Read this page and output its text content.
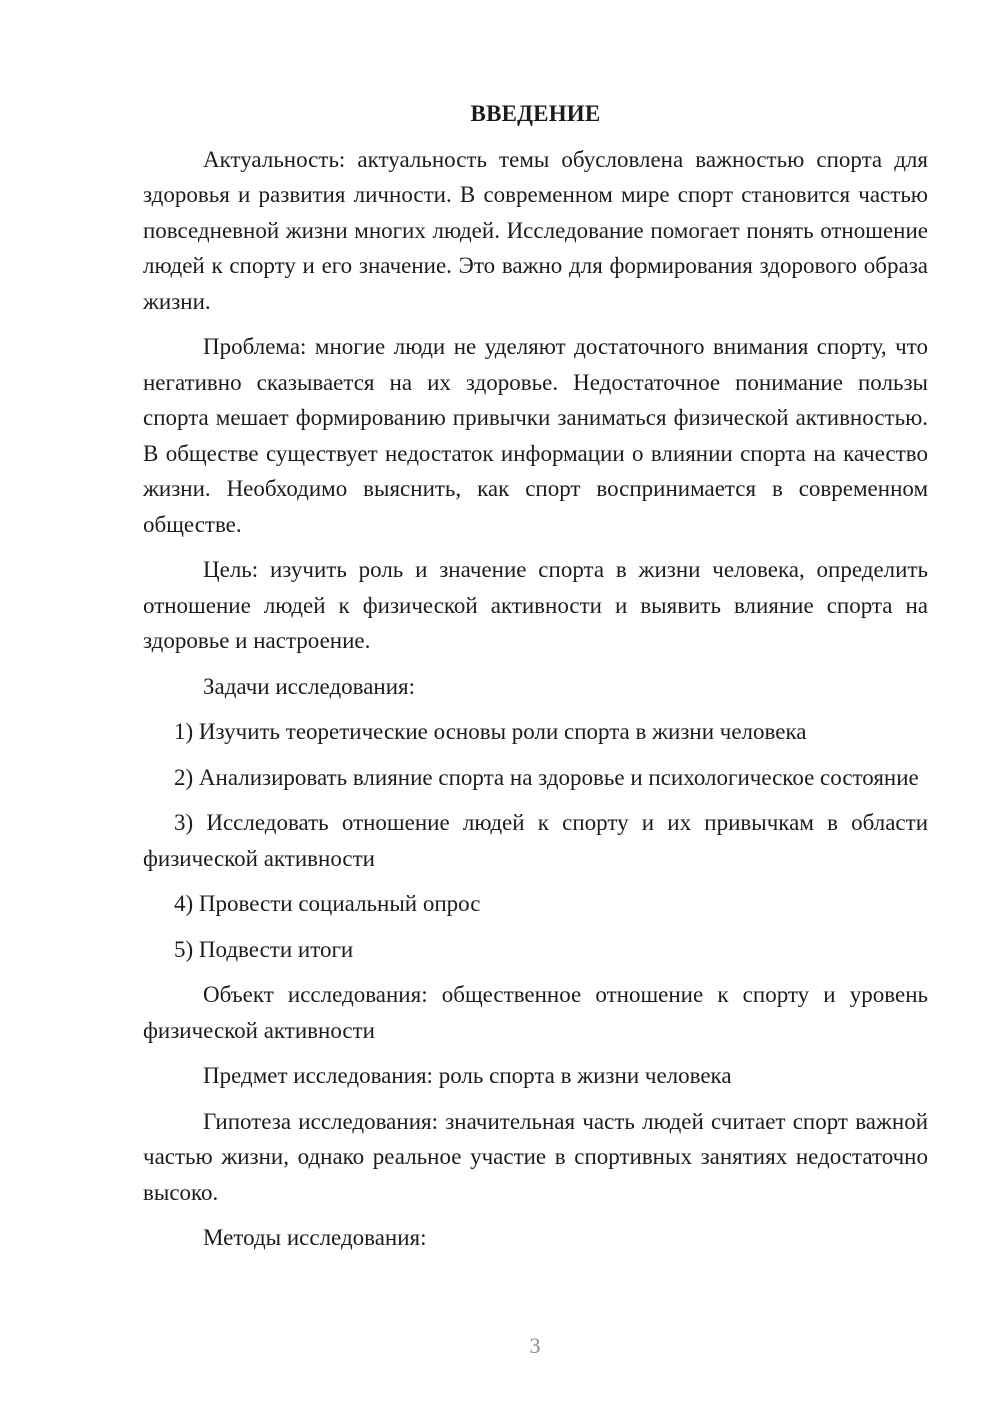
ВВЕДЕНИЕ

Актуальность: актуальность темы обусловлена важностью спорта для здоровья и развития личности. В современном мире спорт становится частью повседневной жизни многих людей. Исследование помогает понять отношение людей к спорту и его значение. Это важно для формирования здорового образа жизни.

Проблема: многие люди не уделяют достаточного внимания спорту, что негативно сказывается на их здоровье. Недостаточное понимание пользы спорта мешает формированию привычки заниматься физической активностью. В обществе существует недостаток информации о влиянии спорта на качество жизни. Необходимо выяснить, как спорт воспринимается в современном обществе.

Цель: изучить роль и значение спорта в жизни человека, определить отношение людей к физической активности и выявить влияние спорта на здоровье и настроение.

Задачи исследования:

1) Изучить теоретические основы роли спорта в жизни человека

2) Анализировать влияние спорта на здоровье и психологическое состояние

3) Исследовать отношение людей к спорту и их привычкам в области физической активности

4) Провести социальный опрос

5) Подвести итоги

Объект исследования: общественное отношение к спорту и уровень физической активности

Предмет исследования: роль спорта в жизни человека

Гипотеза исследования: значительная часть людей считает спорт важной частью жизни, однако реальное участие в спортивных занятиях недостаточно высоко.

Методы исследования:

3
